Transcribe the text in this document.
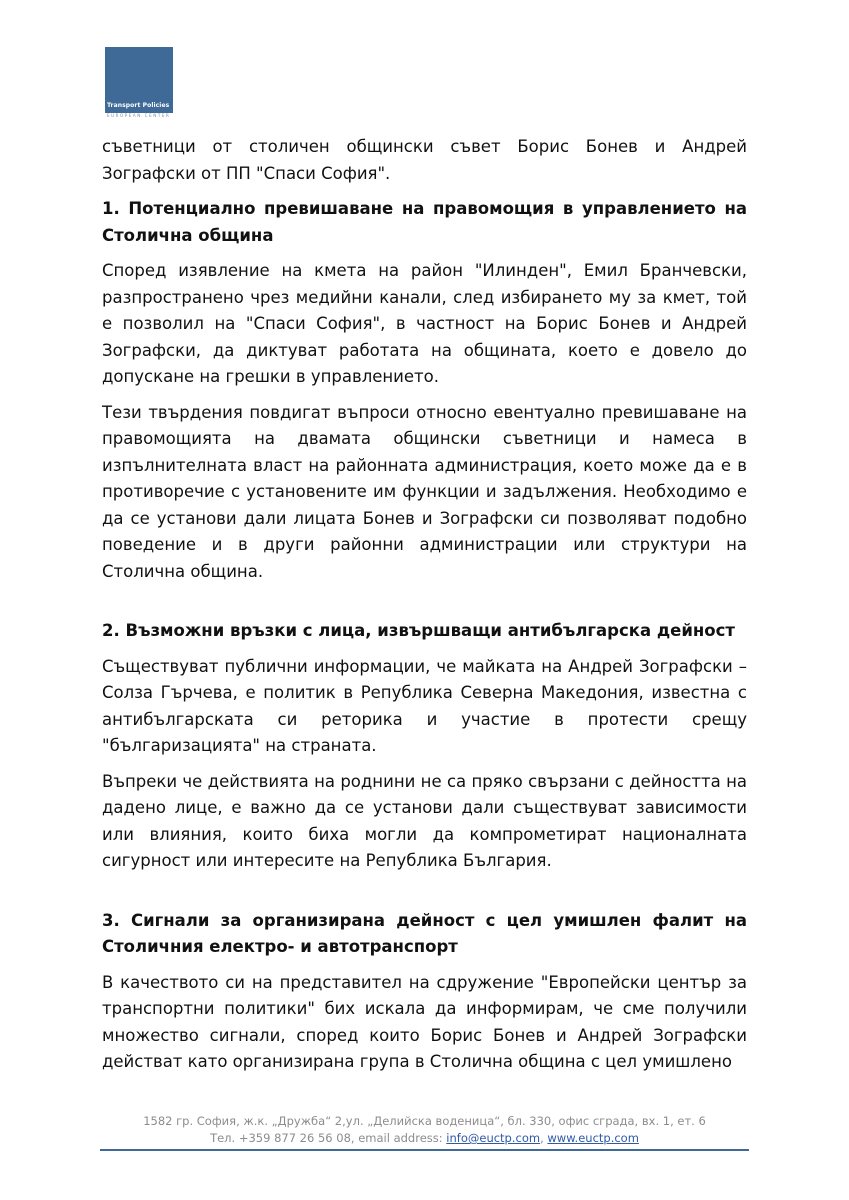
Transport Policies
EUROPEAN CENTER

съветници от столичен общински съвет Борис Бонев и Андрей Зографски от ПП "Спаси София".

1. Потенциално превишаване на правомощия в управлението на Столична община

Според изявление на кмета на район "Илинден", Емил Бранчевски, разпространено чрез медийни канали, след избирането му за кмет, той е позволил на "Спаси София", в частност на Борис Бонев и Андрей Зографски, да диктуват работата на общината, което е довело до допускане на грешки в управлението.

Тези твърдения повдигат въпроси относно евентуално превишаване на правомощията на двамата общински съветници и намеса в изпълнителната власт на районната администрация, което може да е в противоречие с установените им функции и задължения. Необходимо е да се установи дали лицата Бонев и Зографски си позволяват подобно поведение и в други районни администрации или структури на Столична община.

2. Възможни връзки с лица, извършващи антибългарска дейност

Съществуват публични информации, че майката на Андрей Зографски – Солза Гърчева, е политик в Република Северна Македония, известна с антибългарската си реторика и участие в протести срещу "българизацията" на страната.

Въпреки че действията на роднини не са пряко свързани с дейността на дадено лице, е важно да се установи дали съществуват зависимости или влияния, които биха могли да компрометират националната сигурност или интересите на Република България.

3. Сигнали за организирана дейност с цел умишлен фалит на Столичния електро- и автотранспорт

В качеството си на представител на сдружение "Европейски център за транспортни политики" бих искала да информирам, че сме получили множество сигнали, според които Борис Бонев и Андрей Зографски действат като организирана група в Столична община с цел умишлено

1582 гр. София, ж.к. „Дружба“ 2,ул. „Делийска воденица“, бл. 330, офис сграда, вх. 1, ет. 6
Тел. +359 877 26 56 08, email address: info@euctp.com, www.euctp.com
